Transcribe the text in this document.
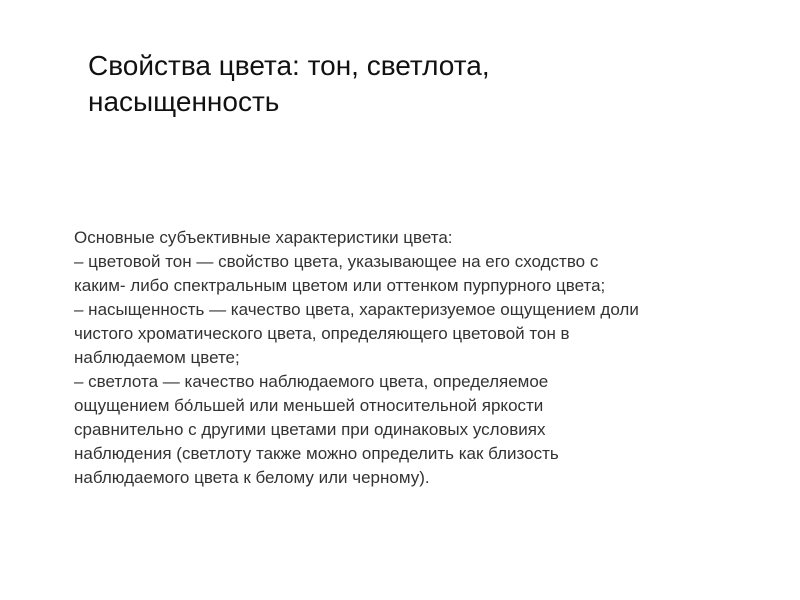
Свойства цвета: тон, светлота,
насыщенность
Основные субъективные характеристики цвета:
– цветовой тон — свойство цвета, указывающее на его сходство с
каким- либо спектральным цветом или оттенком пурпурного цвета;
– насыщенность — качество цвета, характеризуемое ощущением доли
чистого хроматического цвета, определяющего цветовой тон в
наблюдаемом цвете;
– светлота — качество наблюдаемого цвета, определяемое
ощущением бо́льшей или меньшей относительной яркости
сравнительно с другими цветами при одинаковых условиях
наблюдения (светлоту также можно определить как близость
наблюдаемого цвета к белому или черному).
